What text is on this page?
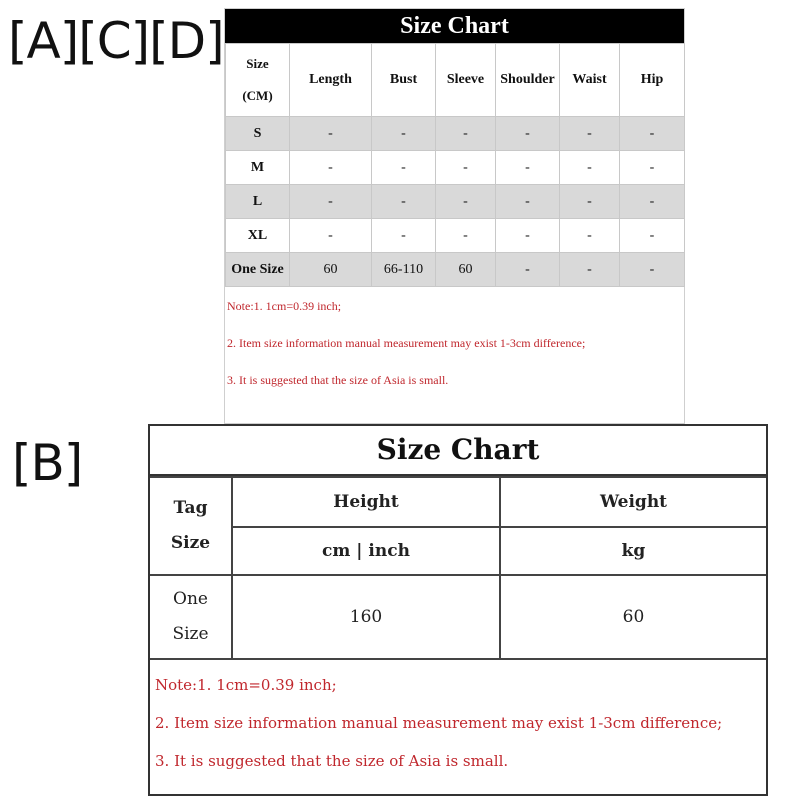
[A][C][D]
[B]
Size Chart
Size
(CM)	Length	Bust	Sleeve	Shoulder	Waist	Hip
S	-	-	-	-	-	-
M	-	-	-	-	-	-
L	-	-	-	-	-	-
XL	-	-	-	-	-	-
One Size	60	66-110	60	-	-	-
Note:1. 1cm=0.39 inch;
2. Item size information manual measurement may exist 1-3cm difference;
3. It is suggested that the size of Asia is small.
Size Chart
Tag
Size	Height	Weight
	cm | inch	kg
One
Size	160	60
Note:1. 1cm=0.39 inch;
2. Item size information manual measurement may exist 1-3cm difference;
3. It is suggested that the size of Asia is small.
